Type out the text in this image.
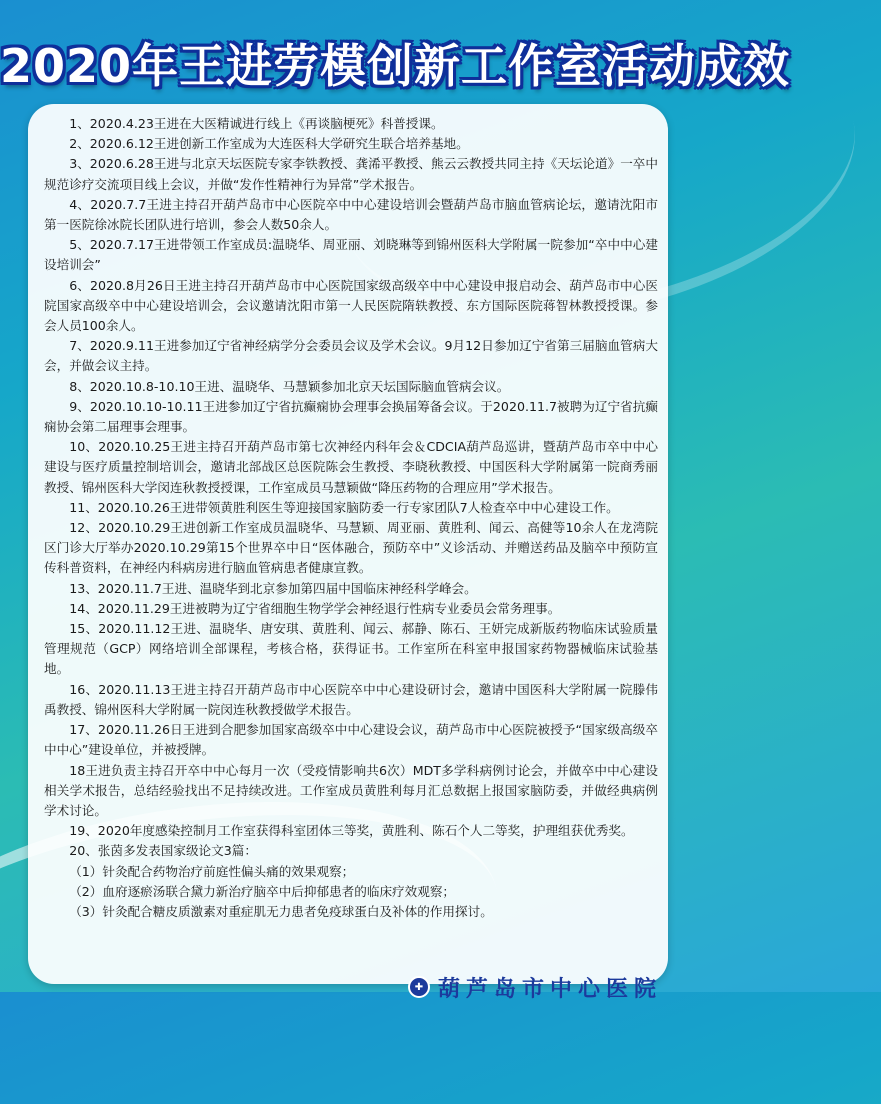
2020年王进劳模创新工作室活动成效

1、2020.4.23王进在大医精诚进行线上《再谈脑梗死》科普授课。

2、2020.6.12王进创新工作室成为大连医科大学研究生联合培养基地。

3、2020.6.28王进与北京天坛医院专家李铁教授、龚浠平教授、熊云云教授共同主持《天坛论道》一卒中规范诊疗交流项目线上会议，并做“发作性精神行为异常”学术报告。

4、2020.7.7王进主持召开葫芦岛市中心医院卒中中心建设培训会暨葫芦岛市脑血管病论坛，邀请沈阳市第一医院徐冰院长团队进行培训，参会人数50余人。

5、2020.7.17王进带领工作室成员:温晓华、周亚丽、刘晓琳等到锦州医科大学附属一院参加“卒中中心建设培训会”

6、2020.8月26日王进主持召开葫芦岛市中心医院国家级高级卒中中心建设申报启动会、葫芦岛市中心医院国家高级卒中中心建设培训会，会议邀请沈阳市第一人民医院隋轶教授、东方国际医院蒋智林教授授课。参会人员100余人。

7、2020.9.11王进参加辽宁省神经病学分会委员会议及学术会议。9月12日参加辽宁省第三届脑血管病大会，并做会议主持。

8、2020.10.8-10.10王进、温晓华、马慧颖参加北京天坛国际脑血管病会议。

9、2020.10.10-10.11王进参加辽宁省抗癫痫协会理事会换届筹备会议。于2020.11.7被聘为辽宁省抗癫痫协会第二届理事会理事。

10、2020.10.25王进主持召开葫芦岛市第七次神经内科年会＆CDCIA葫芦岛巡讲，暨葫芦岛市卒中中心建设与医疗质量控制培训会，邀请北部战区总医院陈会生教授、李晓秋教授、中国医科大学附属第一院商秀丽教授、锦州医科大学闵连秋教授授课，工作室成员马慧颖做“降压药物的合理应用”学术报告。

11、2020.10.26王进带领黄胜利医生等迎接国家脑防委一行专家团队7人检查卒中中心建设工作。

12、2020.10.29王进创新工作室成员温晓华、马慧颖、周亚丽、黄胜利、闻云、高健等10余人在龙湾院区门诊大厅举办2020.10.29第15个世界卒中日“医体融合，预防卒中”义诊活动、并赠送药品及脑卒中预防宣传科普资料，在神经内科病房进行脑血管病患者健康宣教。

13、2020.11.7王进、温晓华到北京参加第四届中国临床神经科学峰会。

14、2020.11.29王进被聘为辽宁省细胞生物学学会神经退行性病专业委员会常务理事。

15、2020.11.12王进、温晓华、唐安琪、黄胜利、闻云、郝静、陈石、王妍完成新版药物临床试验质量管理规范（GCP）网络培训全部课程，考核合格，获得证书。工作室所在科室申报国家药物器械临床试验基地。

16、2020.11.13王进主持召开葫芦岛市中心医院卒中中心建设研讨会，邀请中国医科大学附属一院滕伟禹教授、锦州医科大学附属一院闵连秋教授做学术报告。

17、2020.11.26日王进到合肥参加国家高级卒中中心建设会议，葫芦岛市中心医院被授予“国家级高级卒中中心”建设单位，并被授牌。

18王进负责主持召开卒中中心每月一次（受疫情影响共6次）MDT多学科病例讨论会，并做卒中中心建设相关学术报告，总结经验找出不足持续改进。工作室成员黄胜利每月汇总数据上报国家脑防委，并做经典病例学术讨论。

19、2020年度感染控制月工作室获得科室团体三等奖，黄胜利、陈石个人二等奖，护理组获优秀奖。

20、张茵多发表国家级论文3篇：

（1）针灸配合药物治疗前庭性偏头痛的效果观察；

（2）血府逐瘀汤联合黛力新治疗脑卒中后抑郁患者的临床疗效观察；

（3）针灸配合糖皮质激素对重症肌无力患者免疫球蛋白及补体的作用探讨。

✚ 葫芦岛市中心医院
